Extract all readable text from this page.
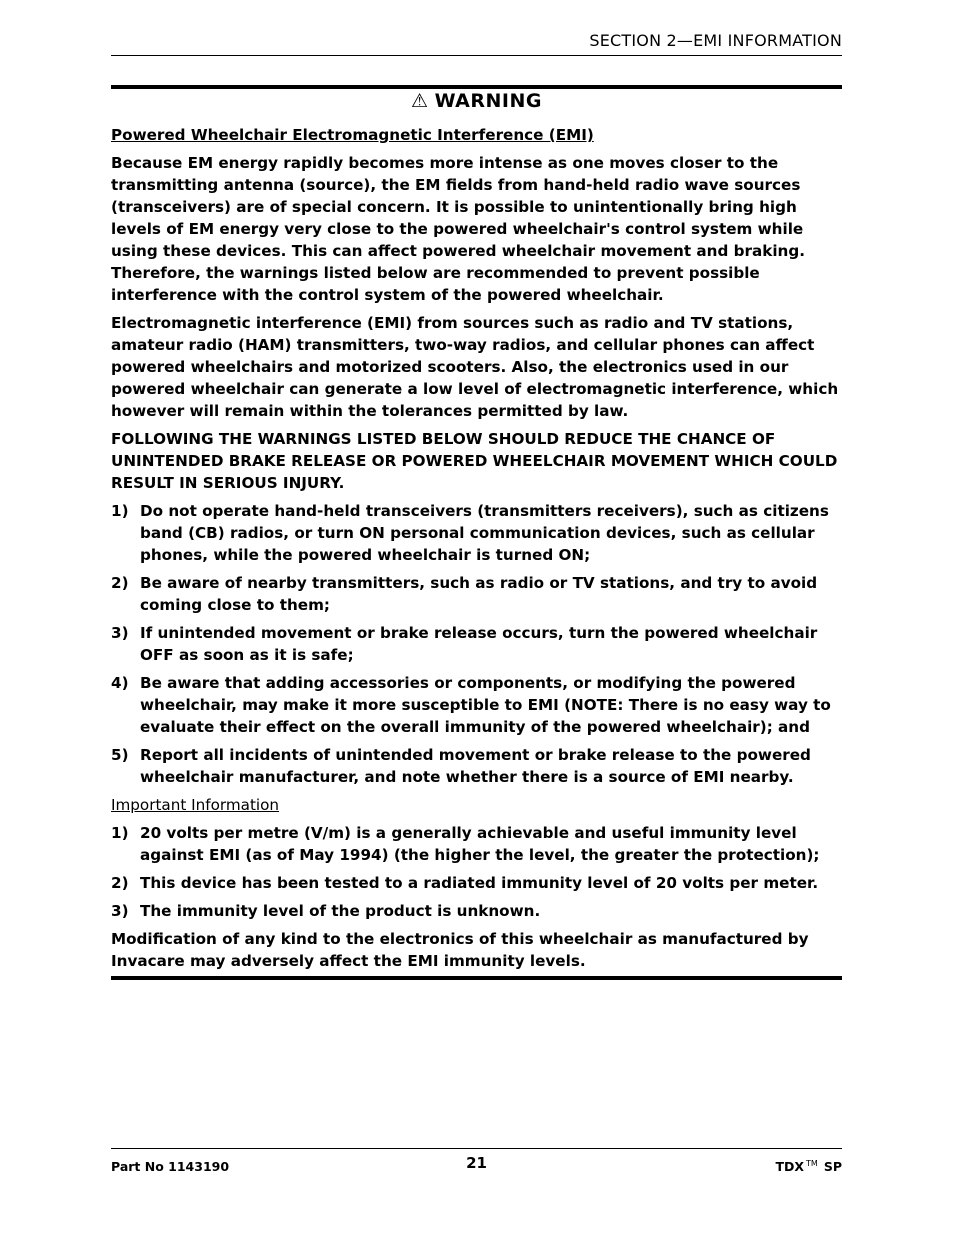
SECTION 2—EMI INFORMATION
⚠ WARNING
Powered Wheelchair Electromagnetic Interference (EMI)

Because EM energy rapidly becomes more intense as one moves closer to the transmitting antenna (source), the EM fields from hand-held radio wave sources (transceivers) are of special concern. It is possible to unintentionally bring high levels of EM energy very close to the powered wheelchair's control system while using these devices. This can affect powered wheelchair movement and braking. Therefore, the warnings listed below are recommended to prevent possible interference with the control system of the powered wheelchair.

Electromagnetic interference (EMI) from sources such as radio and TV stations, amateur radio (HAM) transmitters, two-way radios, and cellular phones can affect powered wheelchairs and motorized scooters. Also, the electronics used in our powered wheelchair can generate a low level of electromagnetic interference, which however will remain within the tolerances permitted by law.

FOLLOWING THE WARNINGS LISTED BELOW SHOULD REDUCE THE CHANCE OF UNINTENDED BRAKE RELEASE OR POWERED WHEELCHAIR MOVEMENT WHICH COULD RESULT IN SERIOUS INJURY.

1) Do not operate hand-held transceivers (transmitters receivers), such as citizens band (CB) radios, or turn ON personal communication devices, such as cellular phones, while the powered wheelchair is turned ON;
2) Be aware of nearby transmitters, such as radio or TV stations, and try to avoid coming close to them;
3) If unintended movement or brake release occurs, turn the powered wheelchair OFF as soon as it is safe;
4) Be aware that adding accessories or components, or modifying the powered wheelchair, may make it more susceptible to EMI (NOTE: There is no easy way to evaluate their effect on the overall immunity of the powered wheelchair); and
5) Report all incidents of unintended movement or brake release to the powered wheelchair manufacturer, and note whether there is a source of EMI nearby.
Important Information
1) 20 volts per metre (V/m) is a generally achievable and useful immunity level against EMI (as of May 1994) (the higher the level, the greater the protection);
2) This device has been tested to a radiated immunity level of 20 volts per meter.
3) The immunity level of the product is unknown.

Modification of any kind to the electronics of this wheelchair as manufactured by Invacare may adversely affect the EMI immunity levels.

Part No 1143190	21	TDX ™ SP
